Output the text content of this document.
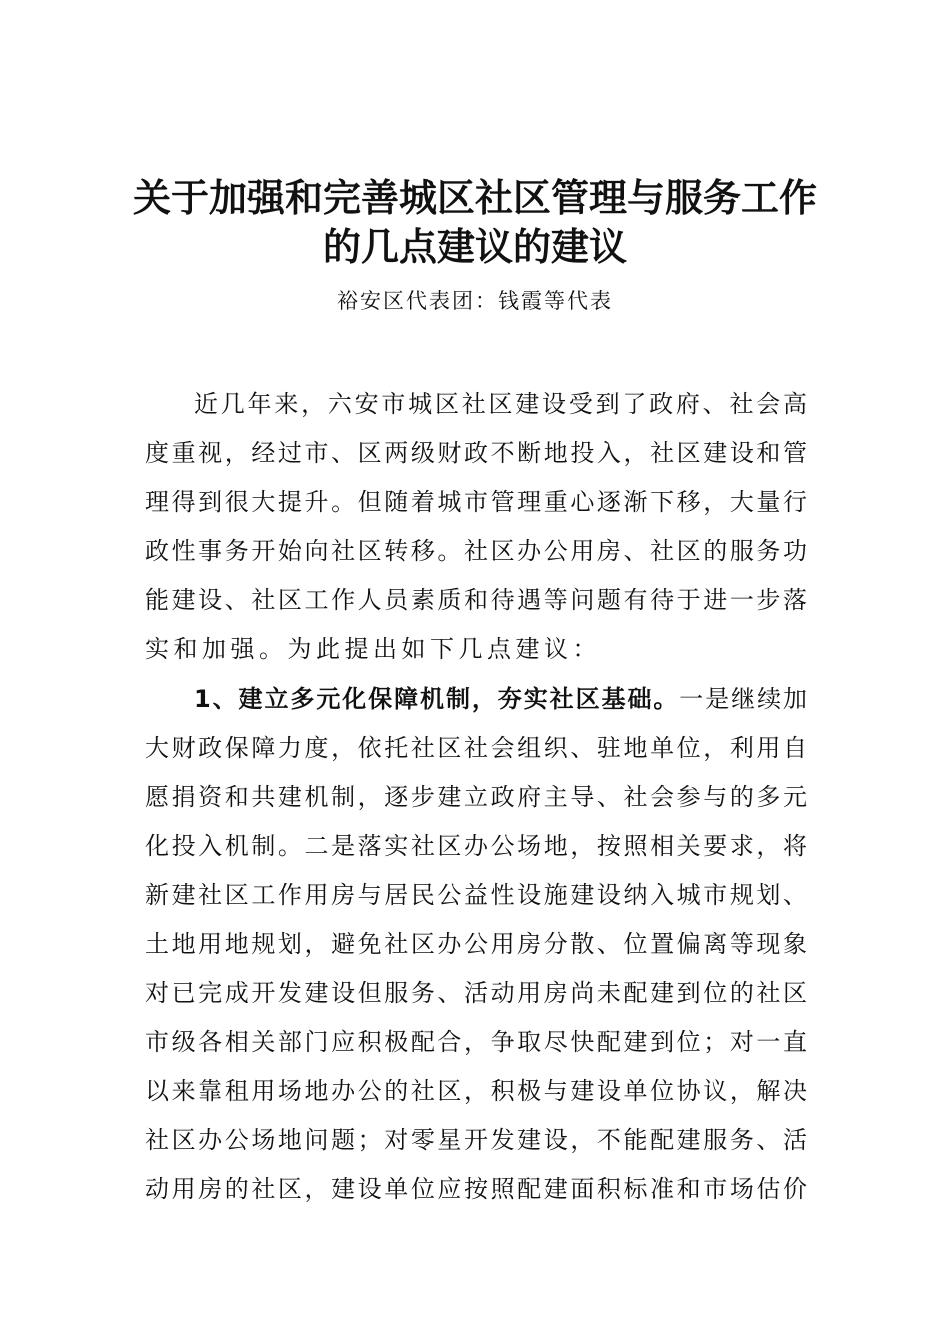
关于加强和完善城区社区管理与服务工作
的几点建议的建议
裕安区代表团：钱霞等代表
近几年来，六安市城区社区建设受到了政府、社会高
度重视，经过市、区两级财政不断地投入，社区建设和管
理得到很大提升。但随着城市管理重心逐渐下移，大量行
政性事务开始向社区转移。社区办公用房、社区的服务功
能建设、社区工作人员素质和待遇等问题有待于进一步落
实和加强。为此提出如下几点建议：
1、建立多元化保障机制，夯实社区基础。一是继续加
大财政保障力度，依托社区社会组织、驻地单位，利用自
愿捐资和共建机制，逐步建立政府主导、社会参与的多元
化投入机制。二是落实社区办公场地，按照相关要求，将
新建社区工作用房与居民公益性设施建设纳入城市规划、
土地用地规划，避免社区办公用房分散、位置偏离等现象
对已完成开发建设但服务、活动用房尚未配建到位的社区
市级各相关部门应积极配合，争取尽快配建到位；对一直
以来靠租用场地办公的社区，积极与建设单位协议，解决
社区办公场地问题；对零星开发建设，不能配建服务、活
动用房的社区，建设单位应按照配建面积标准和市场估价
